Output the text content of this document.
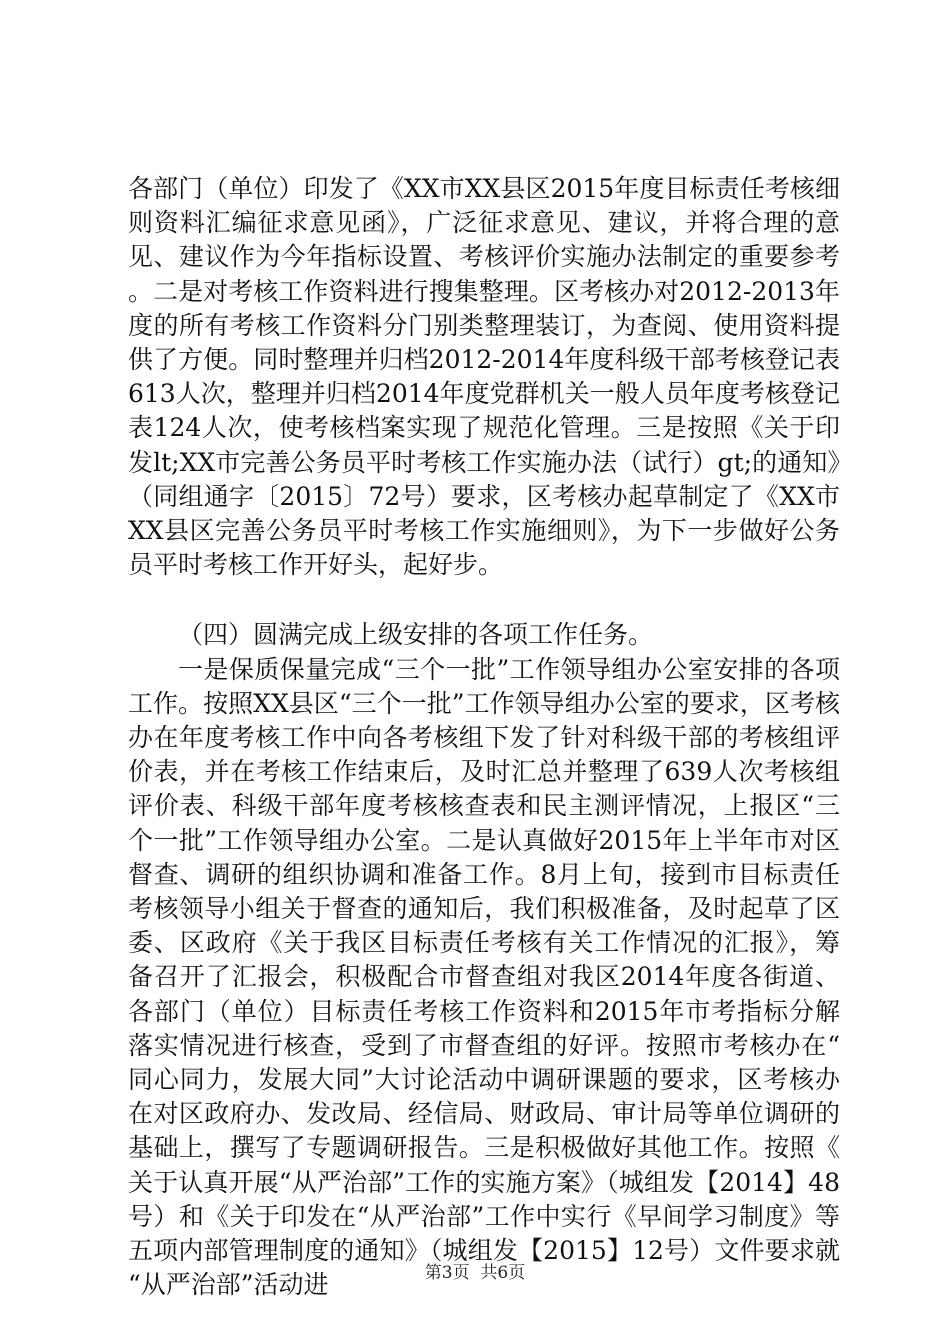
各部门（单位）印发了《XX市XX县区2015年度目标责任考核细则资料汇编征求意见函》，广泛征求意见、建议，并将合理的意见、建议作为今年指标设置、考核评价实施办法制定的重要参考。二是对考核工作资料进行搜集整理。区考核办对2012-2013年度的所有考核工作资料分门别类整理装订，为查阅、使用资料提供了方便。同时整理并归档2012-2014年度科级干部考核登记表613人次，整理并归档2014年度党群机关一般人员年度考核登记表124人次，使考核档案实现了规范化管理。三是按照《关于印发lt;XX市完善公务员平时考核工作实施办法（试行）gt;的通知》（同组通字〔2015〕72号）要求，区考核办起草制定了《XX市XX县区完善公务员平时考核工作实施细则》，为下一步做好公务员平时考核工作开好头，起好步。

（四）圆满完成上级安排的各项工作任务。

一是保质保量完成“三个一批”工作领导组办公室安排的各项工作。按照XX县区“三个一批”工作领导组办公室的要求，区考核办在年度考核工作中向各考核组下发了针对科级干部的考核组评价表，并在考核工作结束后，及时汇总并整理了639人次考核组评价表、科级干部年度考核核查表和民主测评情况，上报区“三个一批”工作领导组办公室。二是认真做好2015年上半年市对区督查、调研的组织协调和准备工作。8月上旬，接到市目标责任考核领导小组关于督查的通知后，我们积极准备，及时起草了区委、区政府《关于我区目标责任考核有关工作情况的汇报》，筹备召开了汇报会，积极配合市督查组对我区2014年度各街道、各部门（单位）目标责任考核工作资料和2015年市考指标分解落实情况进行核查，受到了市督查组的好评。按照市考核办在“同心同力，发展大同”大讨论活动中调研课题的要求，区考核办在对区政府办、发改局、经信局、财政局、审计局等单位调研的基础上，撰写了专题调研报告。三是积极做好其他工作。按照《关于认真开展“从严治部”工作的实施方案》（城组发【2014】48号）和《关于印发在“从严治部”工作中实行《早间学习制度》等五项内部管理制度的通知》（城组发【2015】12号）文件要求就“从严治部”活动进	第3页  共6页
